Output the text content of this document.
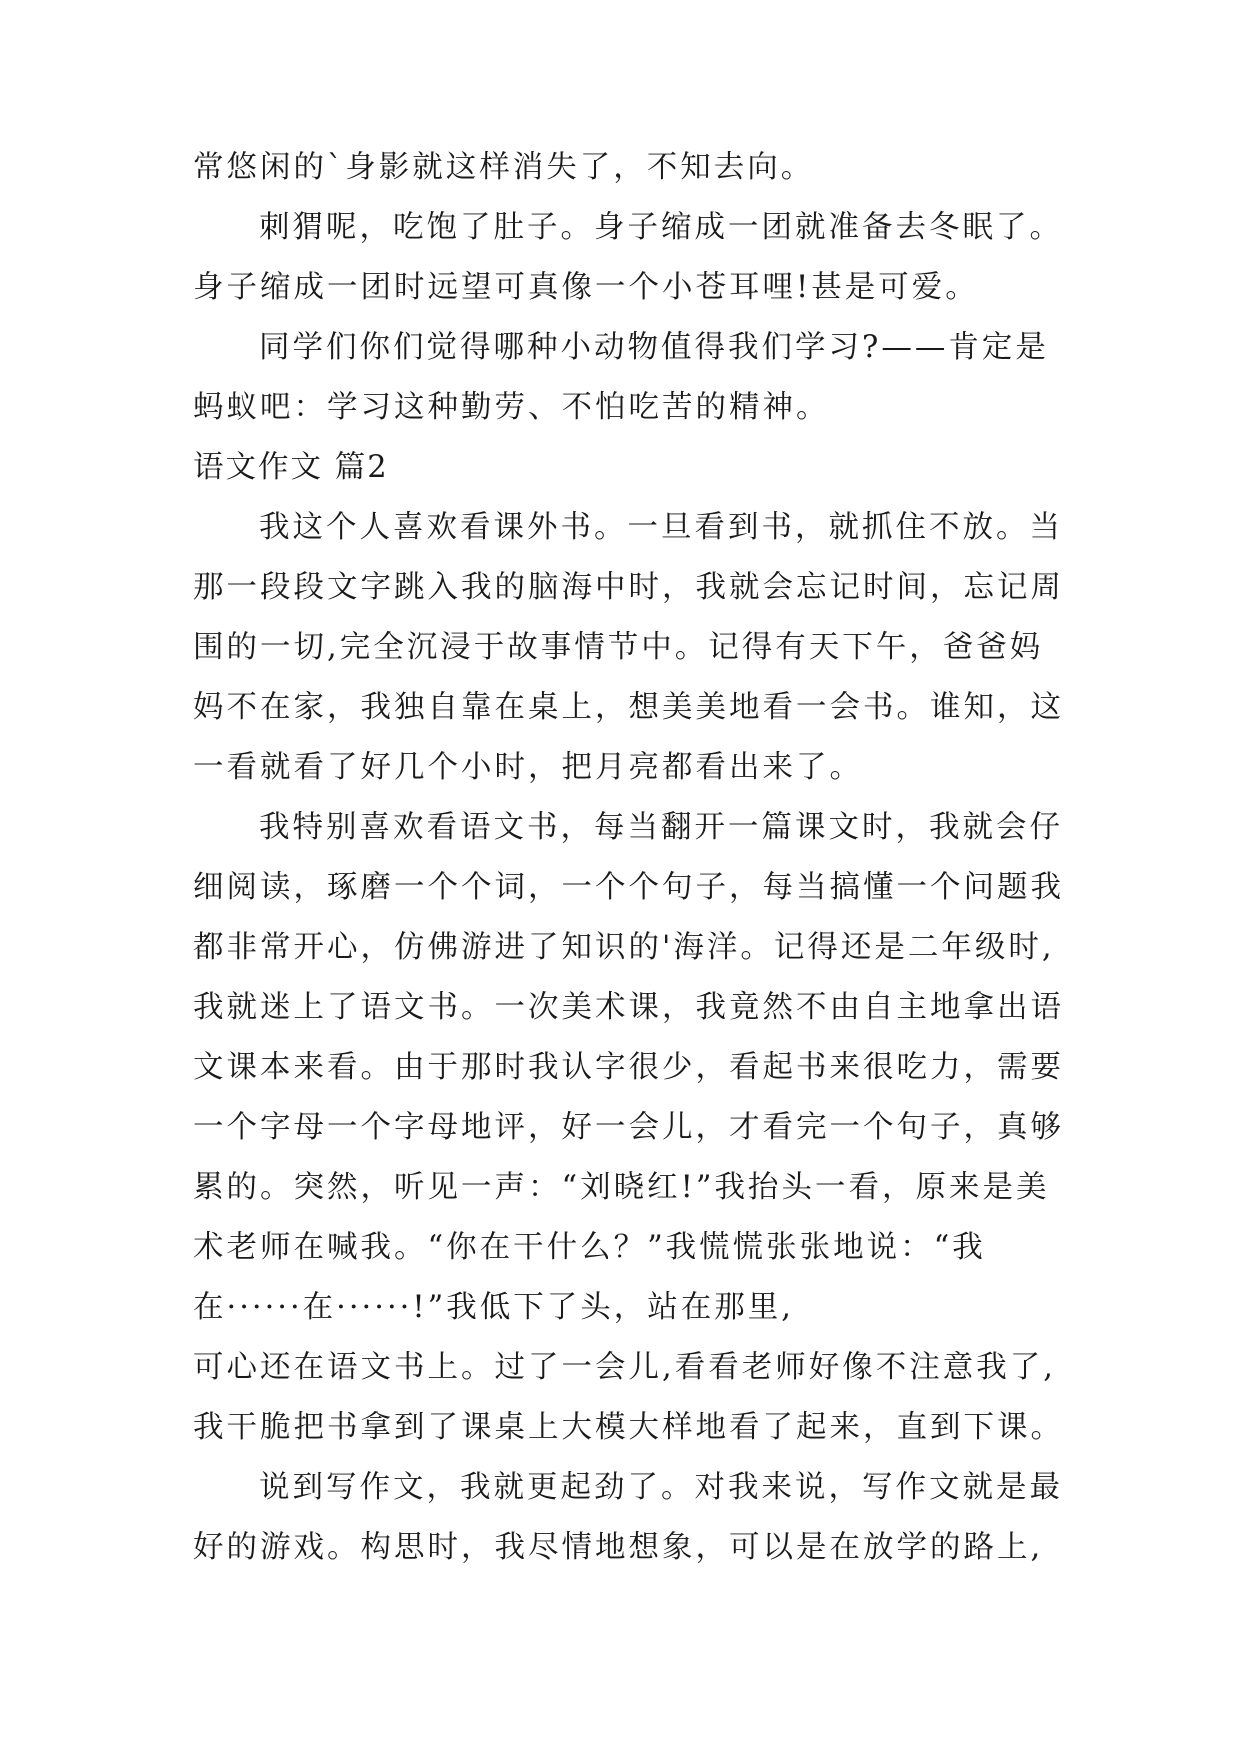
常悠闲的`身影就这样消失了，不知去向。
刺猬呢，吃饱了肚子。身子缩成一团就准备去冬眠了。
身子缩成一团时远望可真像一个小苍耳哩!甚是可爱。
同学们你们觉得哪种小动物值得我们学习?——肯定是
蚂蚁吧：学习这种勤劳、不怕吃苦的精神。
语文作文 篇2
我这个人喜欢看课外书。一旦看到书，就抓住不放。当
那一段段文字跳入我的脑海中时，我就会忘记时间，忘记周
围的一切,完全沉浸于故事情节中。记得有天下午，爸爸妈
妈不在家，我独自靠在桌上，想美美地看一会书。谁知，这
一看就看了好几个小时，把月亮都看出来了。
我特别喜欢看语文书，每当翻开一篇课文时，我就会仔
细阅读，琢磨一个个词，一个个句子，每当搞懂一个问题我
都非常开心，仿佛游进了知识的'海洋。记得还是二年级时,
我就迷上了语文书。一次美术课，我竟然不由自主地拿出语
文课本来看。由于那时我认字很少，看起书来很吃力，需要
一个字母一个字母地评，好一会儿，才看完一个句子，真够
累的。突然，听见一声：“刘晓红!”我抬头一看，原来是美
术老师在喊我。“你在干什么？”我慌慌张张地说：“我
在······在······!”我低下了头，站在那里,
可心还在语文书上。过了一会儿,看看老师好像不注意我了,
我干脆把书拿到了课桌上大模大样地看了起来，直到下课。
说到写作文，我就更起劲了。对我来说，写作文就是最
好的游戏。构思时，我尽情地想象，可以是在放学的路上,
